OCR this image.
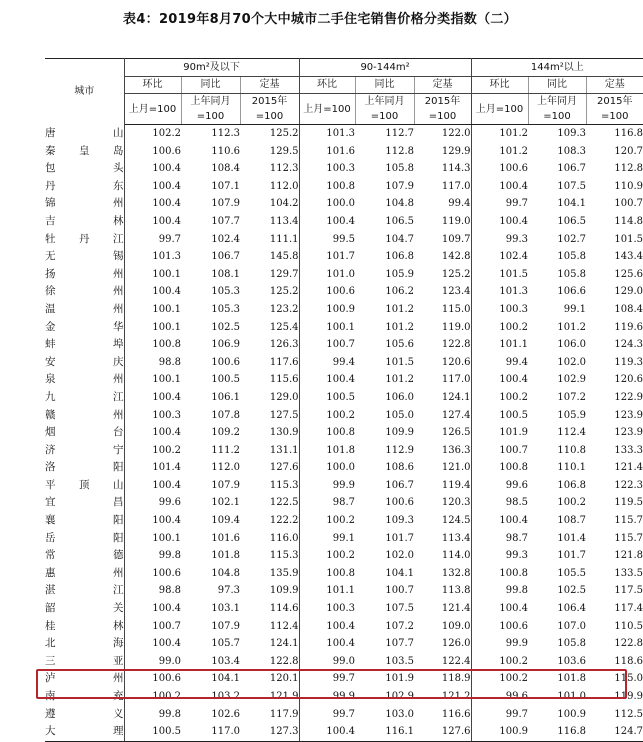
表4：2019年8月70个大中城市二手住宅销售价格分类指数（二）
城市	90m²及以下			90-144m²			144m²以上		
	环比	同比	定基	环比	同比	定基	环比	同比	定基
	上月=100	上年同月=100	2015年=100	上月=100	上年同月=100	2015年=100	上月=100	上年同月=100	2015年=100
唐山	102.2	112.3	125.2	101.3	112.7	122.0	101.2	109.3	116.8
秦皇岛	100.6	110.6	129.5	101.6	112.8	129.9	101.2	108.3	120.7
包头	100.4	108.4	112.3	100.3	105.8	114.3	100.6	106.7	112.8
丹东	100.4	107.1	112.0	100.8	107.9	117.0	100.4	107.5	110.9
锦州	100.4	107.9	104.2	100.0	104.8	99.4	99.7	104.1	100.7
吉林	100.4	107.7	113.4	100.4	106.5	119.0	100.4	106.5	114.8
牡丹江	99.7	102.4	111.1	99.5	104.7	109.7	99.3	102.7	101.5
无锡	101.3	106.7	145.8	101.7	106.8	142.8	102.4	105.8	143.4
扬州	100.1	108.1	129.7	101.0	105.9	125.2	101.5	105.8	125.6
徐州	100.4	105.3	125.2	100.6	106.2	123.4	101.3	106.6	129.0
温州	100.1	105.3	123.2	100.9	101.2	115.0	100.3	99.1	108.4
金华	100.1	102.5	125.4	100.1	101.2	119.0	100.2	101.2	119.6
蚌埠	100.8	106.9	126.3	100.7	105.6	122.8	101.1	106.0	124.3
安庆	98.8	100.6	117.6	99.4	101.5	120.6	99.4	102.0	119.3
泉州	100.1	100.5	115.6	100.4	101.2	117.0	100.4	102.9	120.6
九江	100.4	106.1	129.0	100.5	106.0	124.1	100.2	107.2	122.9
赣州	100.3	107.8	127.5	100.2	105.0	127.4	100.5	105.9	123.9
烟台	100.4	109.2	130.9	100.8	109.9	126.5	101.9	112.4	123.9
济宁	100.2	111.2	131.1	101.8	112.9	136.3	100.7	110.8	133.3
洛阳	101.4	112.0	127.6	100.0	108.6	121.0	100.8	110.1	121.4
平顶山	100.4	107.9	115.3	99.9	106.7	119.4	99.6	106.8	122.3
宜昌	99.6	102.1	122.5	98.7	100.6	120.3	98.5	100.2	119.5
襄阳	100.4	109.4	122.2	100.2	109.3	124.5	100.4	108.7	115.7
岳阳	100.1	101.6	116.0	99.1	101.7	113.4	98.7	101.4	115.7
常德	99.8	101.8	115.3	100.2	102.0	114.0	99.3	101.7	121.8
惠州	100.6	104.8	135.9	100.8	104.1	132.8	100.8	105.5	133.5
湛江	98.8	97.3	109.9	101.1	100.7	113.8	99.8	102.5	117.5
韶关	100.4	103.1	114.6	100.3	107.5	121.4	100.4	106.4	117.4
桂林	100.7	107.9	112.4	100.4	107.2	109.0	100.6	107.0	110.5
北海	100.4	105.7	124.1	100.4	107.7	126.0	99.9	105.8	122.8
三亚	99.0	103.4	122.8	99.0	103.5	122.4	100.2	103.6	118.6
泸州	100.6	104.1	120.1	99.7	101.9	118.9	100.2	101.8	115.0
南充	100.2	103.2	121.9	99.9	102.9	121.2	99.6	101.0	119.9
遵义	99.8	102.6	117.9	99.7	103.0	116.6	99.7	100.9	112.5
大理	100.5	117.0	127.3	100.4	116.1	127.6	100.9	116.8	124.7
